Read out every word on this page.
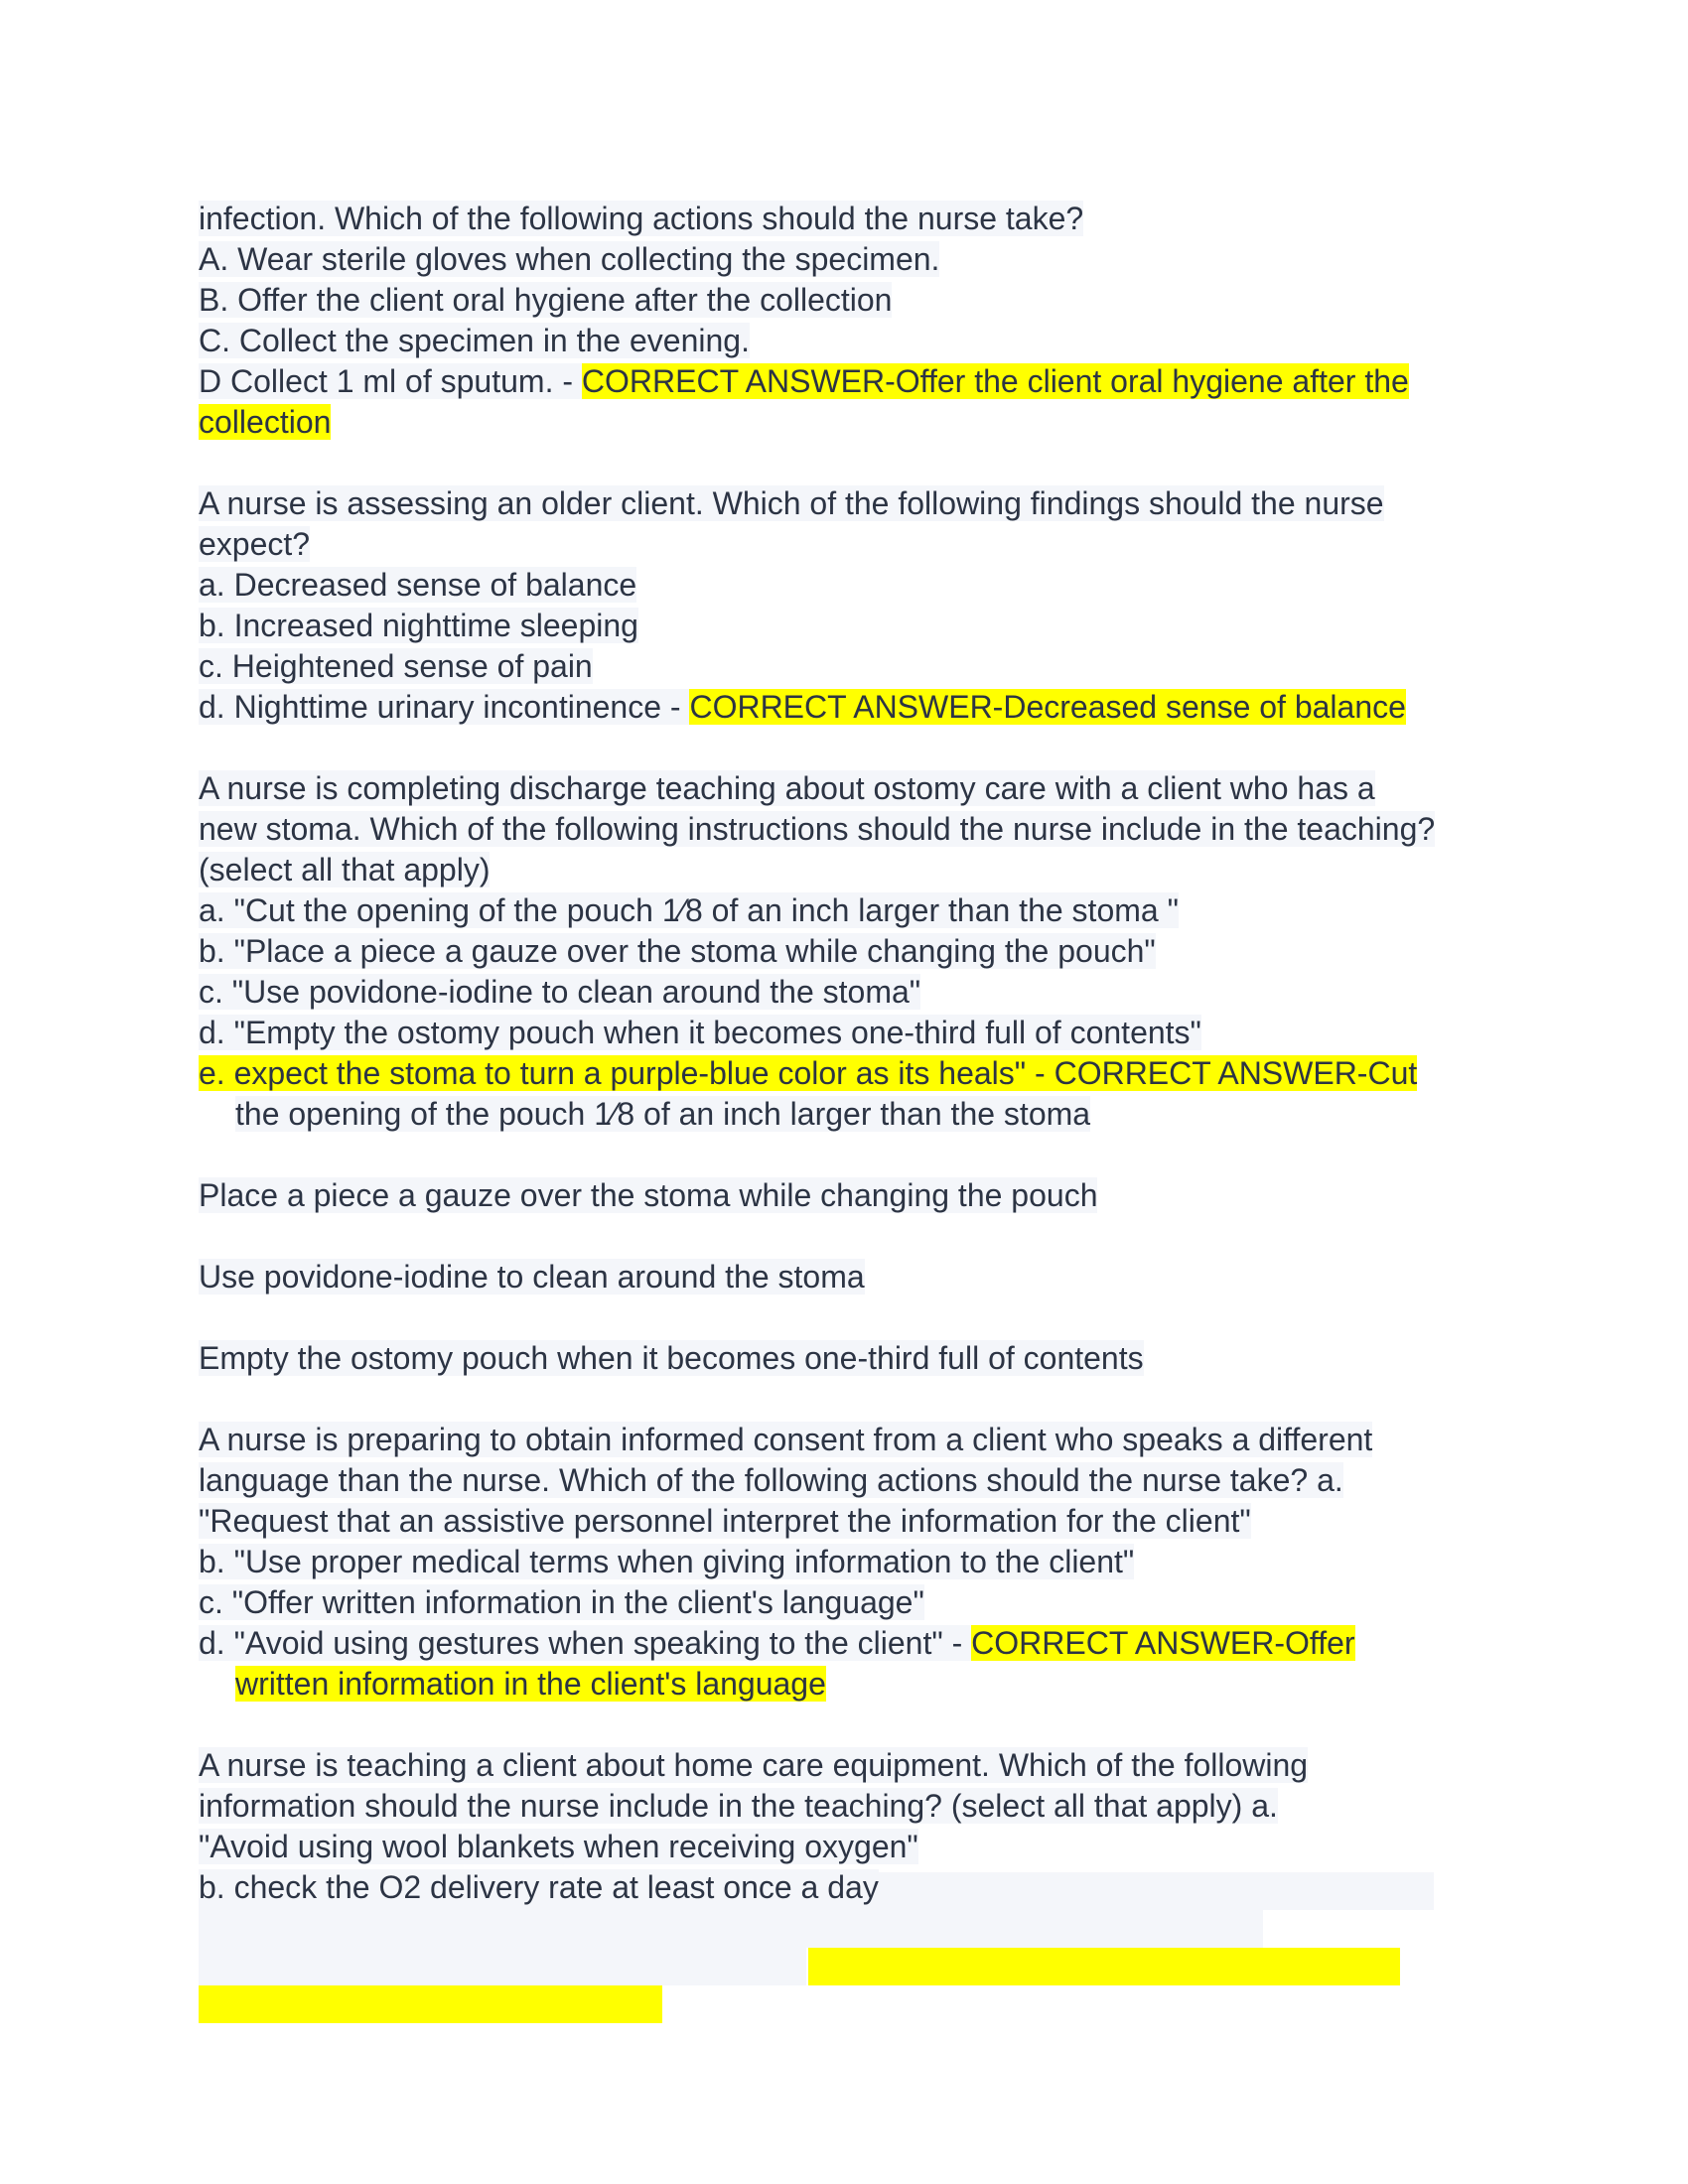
infection. Which of the following actions should the nurse take?
A. Wear sterile gloves when collecting the specimen.
B. Offer the client oral hygiene after the collection
C. Collect the specimen in the evening.
D Collect 1 ml of sputum. - CORRECT ANSWER-Offer the client oral hygiene after the
collection
A nurse is assessing an older client. Which of the following findings should the nurse
expect?
a. Decreased sense of balance
b. Increased nighttime sleeping
c. Heightened sense of pain
d. Nighttime urinary incontinence - CORRECT ANSWER-Decreased sense of balance
A nurse is completing discharge teaching about ostomy care with a client who has a
new stoma. Which of the following instructions should the nurse include in the teaching?
(select all that apply)
a. "Cut the opening of the pouch 1⁄8 of an inch larger than the stoma "
b. "Place a piece a gauze over the stoma while changing the pouch"
c. "Use povidone-iodine to clean around the stoma"
d. "Empty the ostomy pouch when it becomes one-third full of contents"
e. expect the stoma to turn a purple-blue color as its heals" - CORRECT ANSWER-Cut
the opening of the pouch 1⁄8 of an inch larger than the stoma
Place a piece a gauze over the stoma while changing the pouch
Use povidone-iodine to clean around the stoma
Empty the ostomy pouch when it becomes one-third full of contents
A nurse is preparing to obtain informed consent from a client who speaks a different
language than the nurse. Which of the following actions should the nurse take? a.
"Request that an assistive personnel interpret the information for the client"
b. "Use proper medical terms when giving information to the client"
c. "Offer written information in the client's language"
d. "Avoid using gestures when speaking to the client" - CORRECT ANSWER-Offer
written information in the client's language
A nurse is teaching a client about home care equipment. Which of the following
information should the nurse include in the teaching? (select all that apply) a.
"Avoid using wool blankets when receiving oxygen"
b. check the O2 delivery rate at least once a day
